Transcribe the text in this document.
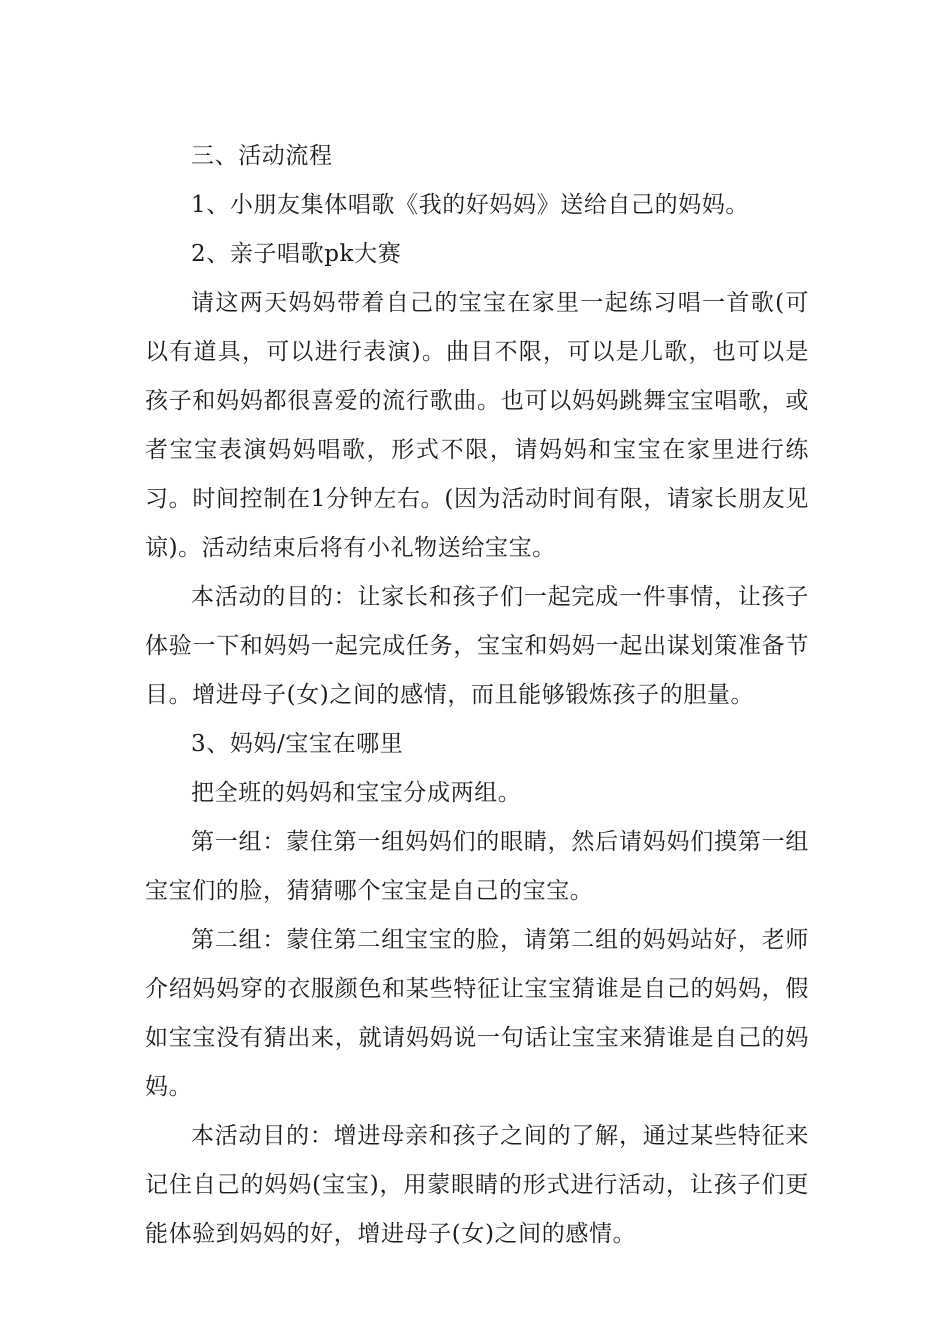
三、活动流程

1、小朋友集体唱歌《我的好妈妈》送给自己的妈妈。

2、亲子唱歌pk大赛

请这两天妈妈带着自己的宝宝在家里一起练习唱一首歌(可以有道具，可以进行表演)。曲目不限，可以是儿歌，也可以是孩子和妈妈都很喜爱的流行歌曲。也可以妈妈跳舞宝宝唱歌，或者宝宝表演妈妈唱歌，形式不限，请妈妈和宝宝在家里进行练习。时间控制在1分钟左右。(因为活动时间有限，请家长朋友见谅)。活动结束后将有小礼物送给宝宝。

本活动的目的：让家长和孩子们一起完成一件事情，让孩子体验一下和妈妈一起完成任务，宝宝和妈妈一起出谋划策准备节目。增进母子(女)之间的感情，而且能够锻炼孩子的胆量。

3、妈妈/宝宝在哪里

把全班的妈妈和宝宝分成两组。

第一组：蒙住第一组妈妈们的眼睛，然后请妈妈们摸第一组宝宝们的脸，猜猜哪个宝宝是自己的宝宝。

第二组：蒙住第二组宝宝的脸，请第二组的妈妈站好，老师介绍妈妈穿的衣服颜色和某些特征让宝宝猜谁是自己的妈妈，假如宝宝没有猜出来，就请妈妈说一句话让宝宝来猜谁是自己的妈妈。

本活动目的：增进母亲和孩子之间的了解，通过某些特征来记住自己的妈妈(宝宝)，用蒙眼睛的形式进行活动，让孩子们更能体验到妈妈的好，增进母子(女)之间的感情。
